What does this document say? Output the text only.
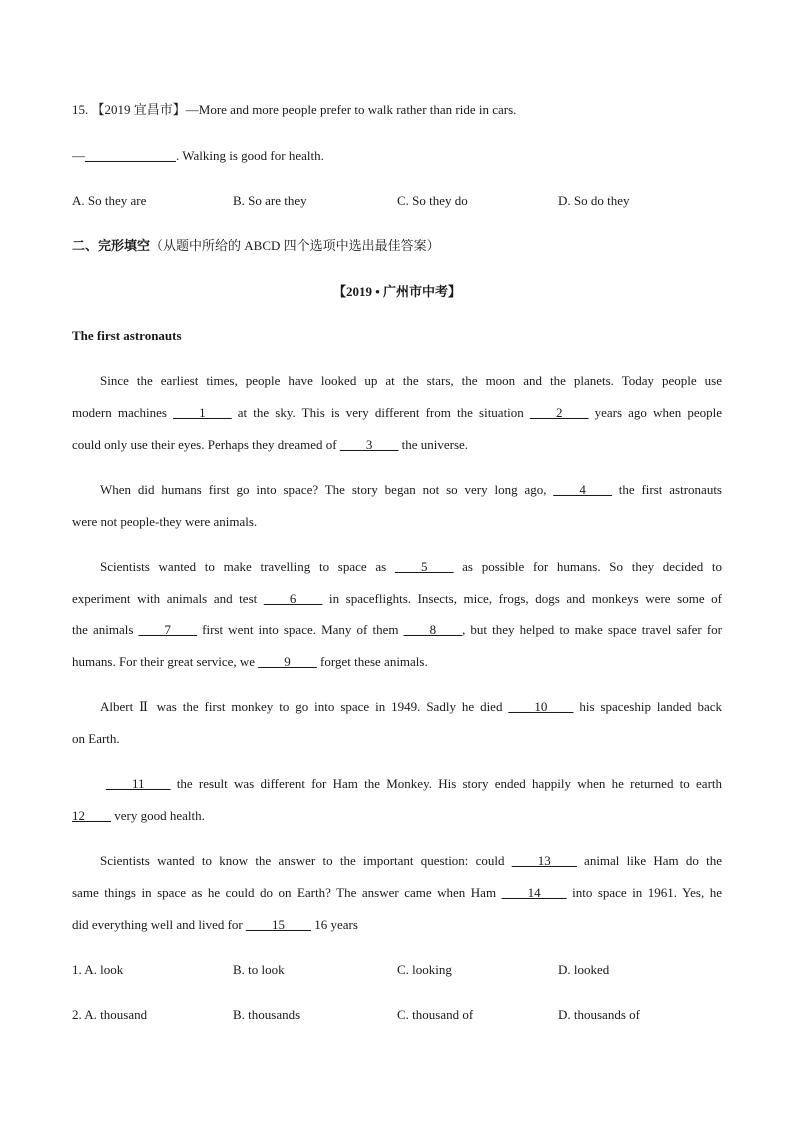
15. 【2019 宜昌市】—More and more people prefer to walk rather than ride in cars.
—______________. Walking is good for health.
A. So they are	B. So are they	C. So they do	D. So do they
二、完形填空（从题中所给的 ABCD 四个选项中选出最佳答案）
【2019 • 广州市中考】
The first astronauts
Since the earliest times, people have looked up at the stars, the moon and the planets. Today people use
modern machines ____1____ at the sky. This is very different from the situation ____2____ years ago when people
could only use their eyes. Perhaps they dreamed of ____3____ the universe.
When did humans first go into space? The story began not so very long ago, ____4____ the first astronauts
were not people-they were animals.
Scientists wanted to make travelling to space as ____5____ as possible for humans. So they decided to
experiment with animals and test ____6____ in spaceflights. Insects, mice, frogs, dogs and monkeys were some of
the animals ____7____ first went into space. Many of them ____8____, but they helped to make space travel safer for
humans. For their great service, we ____9____ forget these animals.
Albert Ⅱ was the first monkey to go into space in 1949. Sadly he died ____10____ his spaceship landed back
on Earth.
____11____ the result was different for Ham the Monkey. His story ended happily when he returned to earth
12____ very good health.
Scientists wanted to know the answer to the important question: could ____13____ animal like Ham do the
same things in space as he could do on Earth? The answer came when Ham ____14____ into space in 1961. Yes, he
did everything well and lived for ____15____ 16 years
1. A. look	B. to look	C. looking	D. looked
2. A. thousand	B. thousands	C. thousand of	D. thousands of
